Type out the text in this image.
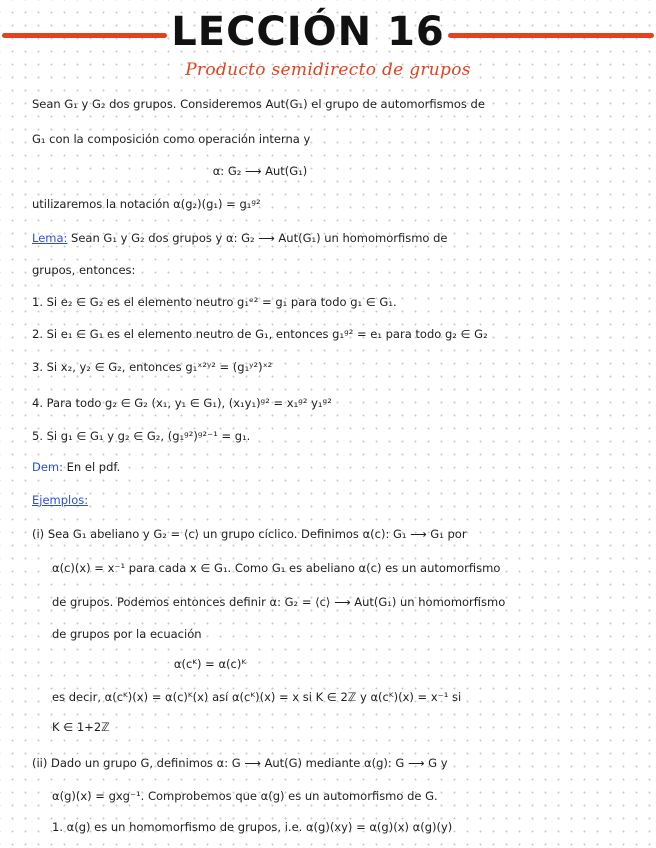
LECCIÓN 16
Producto semidirecto de grupos
Sean G₁ y G₂ dos grupos. Consideremos Aut(G₁) el grupo de automorfismos de
G₁ con la composición como operación interna y
α: G₂ ⟶ Aut(G₁)
utilizaremos la notación α(g₂)(g₁) = g₁ᵍ²
Lema: Sean G₁ y G₂ dos grupos y α: G₂ ⟶ Aut(G₁) un homomorfismo de
grupos, entonces:
1. Si e₂ ∈ G₂ es el elemento neutro g₁ᵉ² = g₁ para todo g₁ ∈ G₁.
2. Si e₁ ∈ G₁ es el elemento neutro de G₁, entonces g₁ᵍ² = e₁ para todo g₂ ∈ G₂
3. Si x₂, y₂ ∈ G₂, entonces g₁ˣ²ʸ² = (g₁ʸ²)ˣ²
4. Para todo g₂ ∈ G₂ (x₁, y₁ ∈ G₁), (x₁y₁)ᵍ² = x₁ᵍ² y₁ᵍ²
5. Si g₁ ∈ G₁ y g₂ ∈ G₂, (g₁ᵍ²)ᵍ²⁻¹ = g₁.
Dem: En el pdf.
Ejemplos:
(i) Sea G₁ abeliano y G₂ = ⟨c⟩ un grupo cíclico. Definimos α(c): G₁ ⟶ G₁ por
α(c)(x) = x⁻¹ para cada x ∈ G₁. Como G₁ es abeliano α(c) es un automorfismo
de grupos. Podemos entonces definir α: G₂ = ⟨c⟩ ⟶ Aut(G₁) un homomorfismo
de grupos por la ecuación
α(cᴷ) = α(c)ᴷ
es decir, α(cᴷ)(x) = α(c)ᴷ(x) así α(cᴷ)(x) = x si K ∈ 2ℤ y α(cᴷ)(x) = x⁻¹ si
K ∈ 1+2ℤ
(ii) Dado un grupo G, definimos α: G ⟶ Aut(G) mediante α(g): G ⟶ G y
α(g)(x) = gxg⁻¹. Comprobemos que α(g) es un automorfismo de G.
1. α(g) es un homomorfismo de grupos, i.e. α(g)(xy) = α(g)(x) α(g)(y)
